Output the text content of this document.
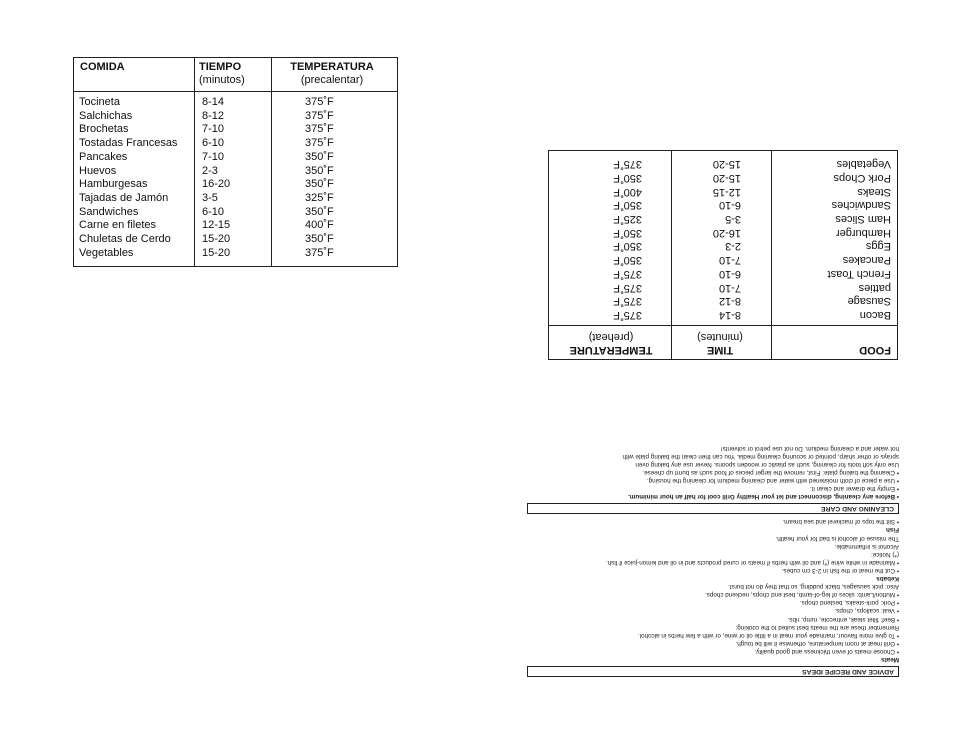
COMIDA	TIEMPO
(minutos)
TEMPERATURA
(precalentar)
Tocineta
Salchichas
Brochetas
Tostadas Francesas
Pancakes
Huevos
Hamburgesas
Tajadas de Jamón
Sandwiches
Carne en filetes
Chuletas de Cerdo
Vegetables
8-14
8-12
7-10
6-10
7-10
2-3
16-20
3-5
6-10
12-15
15-20
15-20
375˚F
375˚F
375˚F
375˚F
350˚F
350˚F
350˚F
325˚F
350˚F
400˚F
350˚F
375˚F
FOOD
TIME
(minutes)
TEMPERATURE
(preheat)
Bacon
Sausage
patties
French Toast
Pancakes
Eggs
Hamburger
Ham Slices
Sandwiches
Steaks
Pork Chops
Vegetables
8-14
8-12
7-10
6-10
7-10
2-3
16-20
3-5
6-10
12-15
15-20
15-20
375˚F
375˚F
375˚F
375˚F
350˚F
350˚F
350˚F
325˚F
350˚F
400˚F
350˚F
375˚F
ADVICE AND RECIPE IDEAS

Meats

• Choose meats of even thickness and good quality.

• Grill meat at room temperature, otherwise it will be tough.

• To give more flavour, marinade your meat in a little oil or wine, or with a few herbs in alcohol.

Remember these are the meats best suited to the cooking:

• Beef: fillet steak, entrecote, rump, ribs.

• Veal: scallops, chops.

• Pork: pork-steaks, bestend chops.

• Mutton/Lamb: slices of leg-of-lamb, best end chops, neckend chops.

Also: pick sausages, black pudding, so that they do not burst.

Kebabs

• Cut the meat or the fish in 2-3 cm cubes.

• Marinade in white wine (*) and oil with herbs if meats or cured products and in oil and lemon-juice if fish.

(*) Notice:

Alcohol is inflammable.

The misuse of alcohol is bad for your health.

Fish

• Slit the tops of mackerel and sea bream.

CLEANING AND CARE

• Before any cleaning, disconnect and let your Healthy Grill cool for half an hour minimum.

• Empty the drawer and clean it.

• Use a piece of cloth moistened with water and cleaning medium for cleaning the housing.

• Cleaning the baking plate: First, remove the larger pieces of food such as burnt up cheese.

Use only soft tools for cleaning, such as plastic or wooden spoons. Never use any baking oven

sprays or other sharp, pointed or scouring cleaning media. You can then clean the baking plate with

hot water and a cleaning medium. Do not use petrol or solvents!
